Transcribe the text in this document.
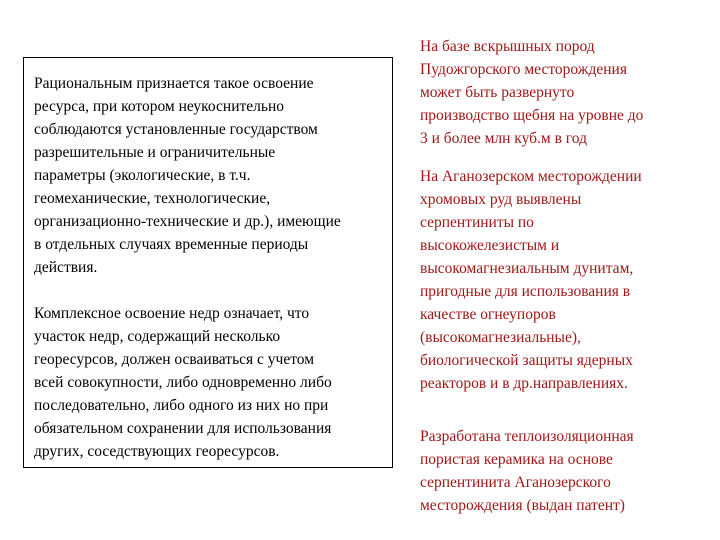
Рациональным признается такое освоение
ресурса, при котором неукоснительно
соблюдаются установленные государством
разрешительные и ограничительные
параметры (экологические, в т.ч.
геомеханические, технологические,
организационно-технические и др.), имеющие
в отдельных случаях временные периоды
действия.

Комплексное освоение недр означает, что
участок недр, содержащий несколько
георесурсов, должен осваиваться с учетом
всей совокупности, либо одновременно либо
последовательно, либо одного из них но при
обязательном сохранении для использования
других, соседствующих георесурсов.

На базе вскрышных пород
Пудожгорского месторождения
может быть развернуто
производство щебня на уровне до
3 и более млн куб.м в год

На Аганозерском месторождении
хромовых руд выявлены
серпентиниты по
высокожелезистым и
высокомагнезиальным дунитам,
пригодные для использования в
качестве огнеупоров
(высокомагнезиальные),
биологической защиты ядерных
реакторов и в др.направлениях.

Разработана теплоизоляционная
пористая керамика на основе
серпентинита Аганозерского
месторождения (выдан патент)
